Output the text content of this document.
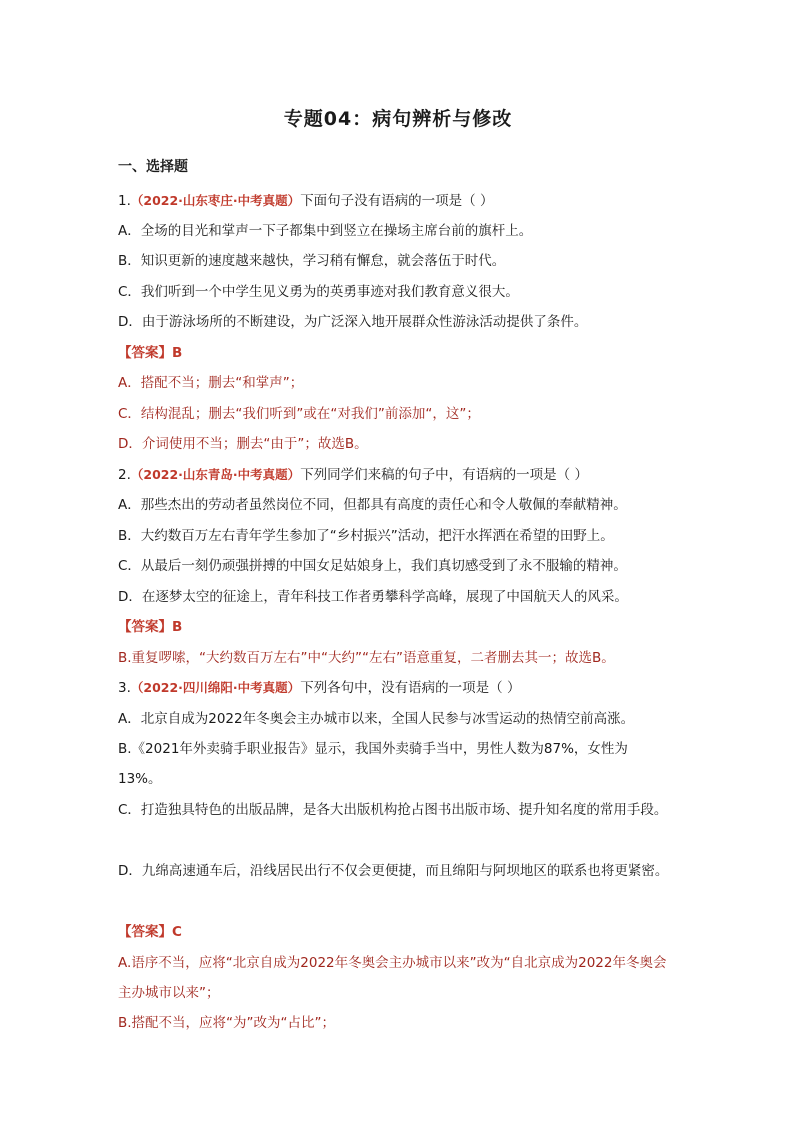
专题04：病句辨析与修改
一、选择题
1.（2022·山东枣庄·中考真题）下面句子没有语病的一项是（ ）
A．全场的目光和掌声一下子都集中到竖立在操场主席台前的旗杆上。
B．知识更新的速度越来越快，学习稍有懈怠，就会落伍于时代。
C．我们听到一个中学生见义勇为的英勇事迹对我们教育意义很大。
D．由于游泳场所的不断建设，为广泛深入地开展群众性游泳活动提供了条件。
【答案】B
A．搭配不当；删去“和掌声”；
C．结构混乱；删去“我们听到”或在“对我们”前添加“，这”；
D．介词使用不当；删去“由于”；故选B。
2.（2022·山东青岛·中考真题）下列同学们来稿的句子中，有语病的一项是（ ）
A．那些杰出的劳动者虽然岗位不同，但都具有高度的责任心和令人敬佩的奉献精神。
B．大约数百万左右青年学生参加了“乡村振兴”活动，把汗水挥洒在希望的田野上。
C．从最后一刻仍顽强拼搏的中国女足姑娘身上，我们真切感受到了永不服输的精神。
D．在逐梦太空的征途上，青年科技工作者勇攀科学高峰，展现了中国航天人的风采。
【答案】B
B.重复啰嗦，“大约数百万左右”中“大约”“左右”语意重复，二者删去其一；故选B。
3.（2022·四川绵阳·中考真题）下列各句中，没有语病的一项是（ ）
A．北京自成为2022年冬奥会主办城市以来，全国人民参与冰雪运动的热情空前高涨。
B.《2021年外卖骑手职业报告》显示，我国外卖骑手当中，男性人数为87%，女性为13%。
C．打造独具特色的出版品牌，是各大出版机构抢占图书出版市场、提升知名度的常用手段。
D．九绵高速通车后，沿线居民出行不仅会更便捷，而且绵阳与阿坝地区的联系也将更紧密。
【答案】C
A.语序不当，应将“北京自成为2022年冬奥会主办城市以来”改为“自北京成为2022年冬奥会主办城市以来”；
B.搭配不当，应将“为”改为“占比”；
